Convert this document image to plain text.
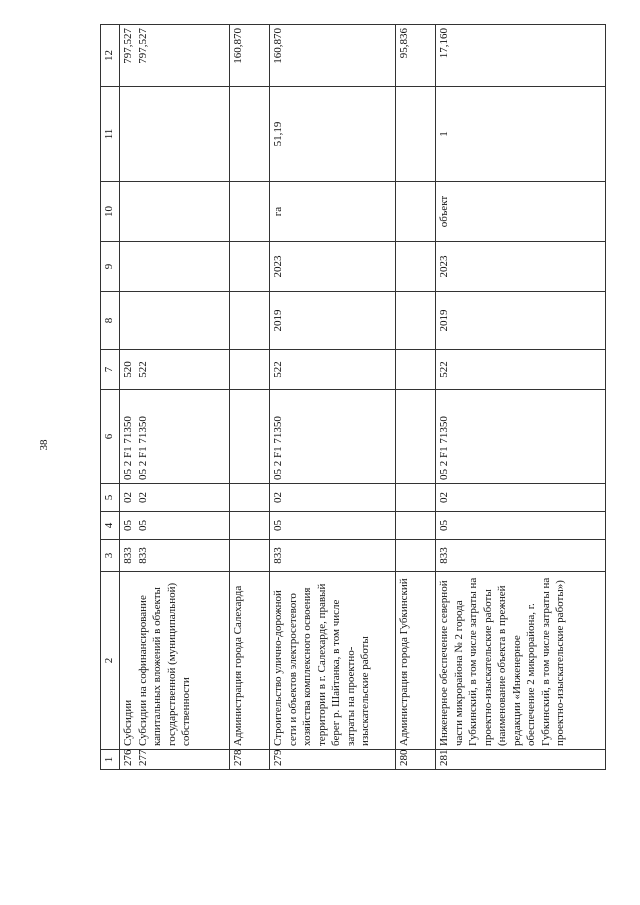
38
1	2	3	4	5	6	7	8	9	10	11	12

276 277	Субсидии Субсидии на софинансирование капитальных вложений в объекты государственной (муниципальной) собственности	833 833	05 05	02 02	05 2 F1 71350 05 2 F1 71350	520 522					797,527 797,527

278	Администрация города Салехарда										160,870
279	Строительство улично-дорожной сети и объектов электросетевого хозяйства комплексного освоения территории в г. Салехарде, правый берег р. Шайтанка, в том числе затраты на проектно-изыскательские работы	833	05	02	05 2 F1 71350	522	2019	2023	га	51,19	160,870
280	Администрация города Губкинский										95,836
281	Инженерное обеспечение северной части микрорайона № 2 города Губкинский, в том числе затраты на проектно-изыскательские работы (наименование объекта в прежней редакции «Инженерное обеспечение 2 микрорайона, г. Губкинский, в том числе затраты на проектно-изыскательские работы»)	833	05	02	05 2 F1 71350	522	2019	2023	объект	1	17,160
